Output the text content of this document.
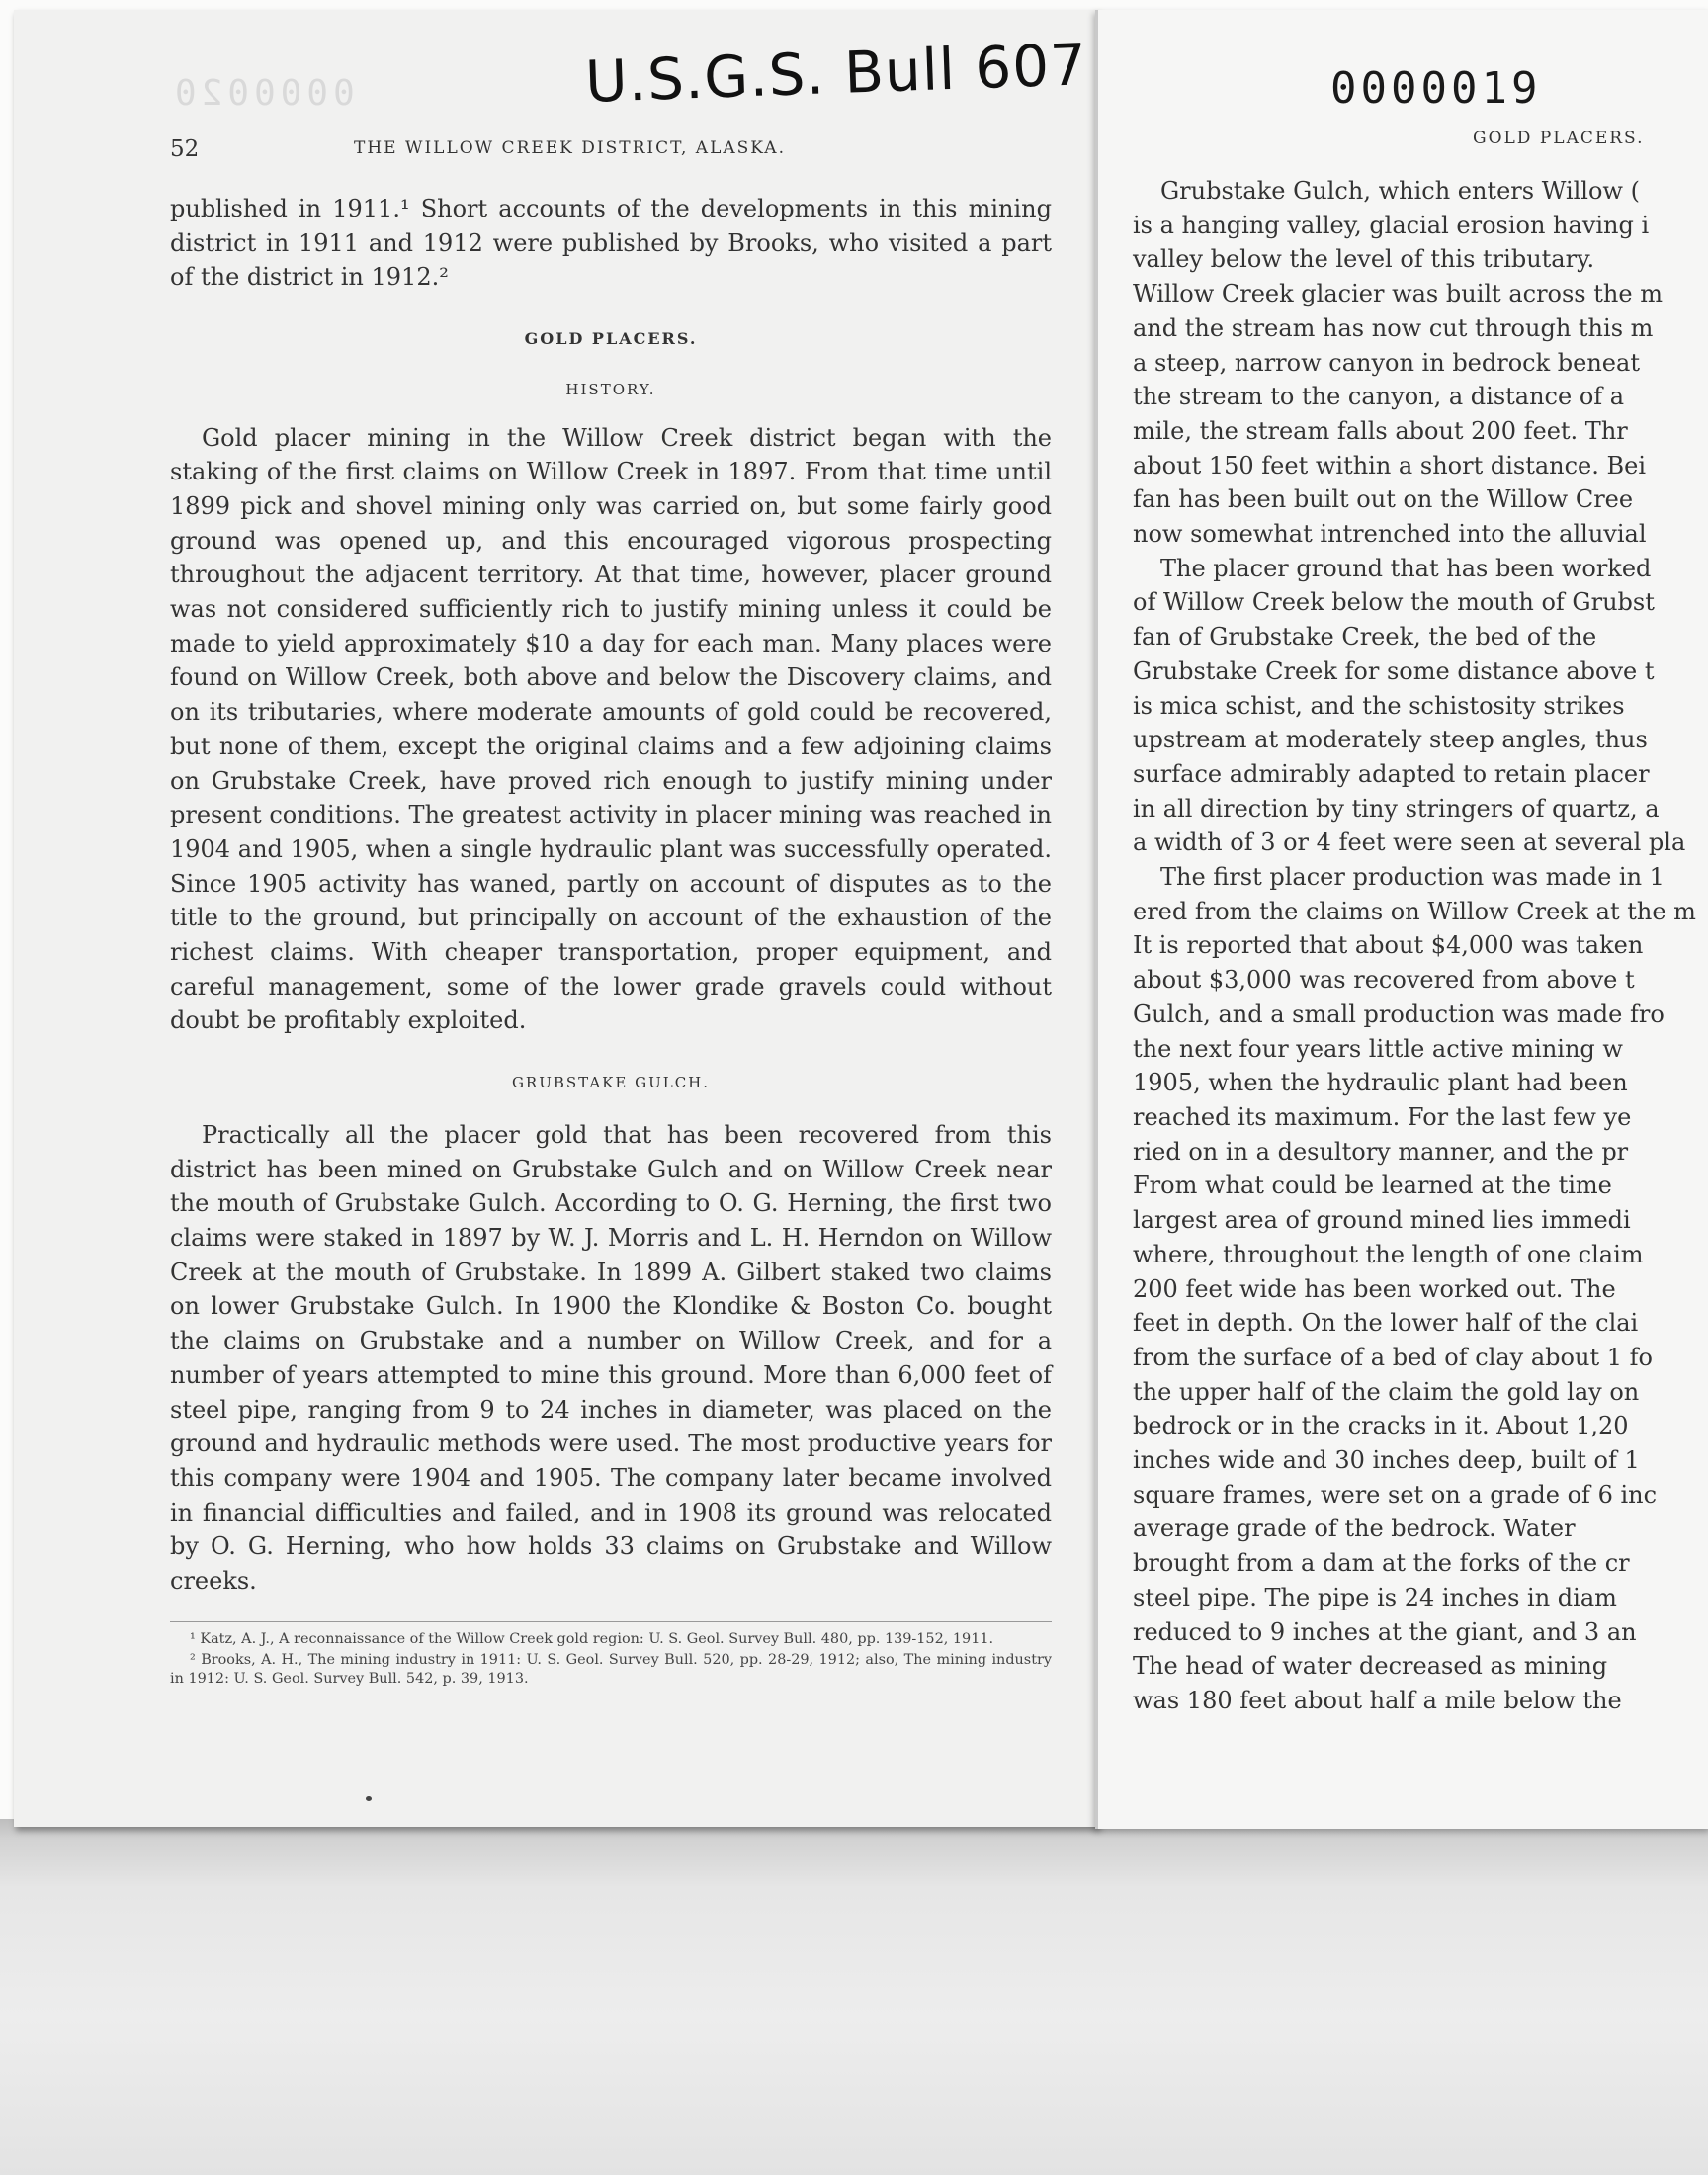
U.S.G.S. Bull 607
0000020	0000019
52	THE WILLOW CREEK DISTRICT, ALASKA.	GOLD PLACERS.

published in 1911.¹ Short accounts of the developments in this mining district in 1911 and 1912 were published by Brooks, who visited a part of the district in 1912.²

GOLD PLACERS.
HISTORY.

Gold placer mining in the Willow Creek district began with the staking of the first claims on Willow Creek in 1897. From that time until 1899 pick and shovel mining only was carried on, but some fairly good ground was opened up, and this encouraged vigorous prospecting throughout the adjacent territory. At that time, however, placer ground was not considered sufficiently rich to justify mining unless it could be made to yield approximately $10 a day for each man. Many places were found on Willow Creek, both above and below the Discovery claims, and on its tributaries, where moderate amounts of gold could be recovered, but none of them, except the original claims and a few adjoining claims on Grubstake Creek, have proved rich enough to justify mining under present conditions. The greatest activity in placer mining was reached in 1904 and 1905, when a single hydraulic plant was successfully operated. Since 1905 activity has waned, partly on account of disputes as to the title to the ground, but principally on account of the exhaustion of the richest claims. With cheaper transportation, proper equipment, and careful management, some of the lower grade gravels could without doubt be profitably exploited.

GRUBSTAKE GULCH.

Practically all the placer gold that has been recovered from this district has been mined on Grubstake Gulch and on Willow Creek near the mouth of Grubstake Gulch. According to O. G. Herning, the first two claims were staked in 1897 by W. J. Morris and L. H. Herndon on Willow Creek at the mouth of Grubstake. In 1899 A. Gilbert staked two claims on lower Grubstake Gulch. In 1900 the Klondike & Boston Co. bought the claims on Grubstake and a number on Willow Creek, and for a number of years attempted to mine this ground. More than 6,000 feet of steel pipe, ranging from 9 to 24 inches in diameter, was placed on the ground and hydraulic methods were used. The most productive years for this company were 1904 and 1905. The company later became involved in financial difficulties and failed, and in 1908 its ground was relocated by O. G. Herning, who how holds 33 claims on Grubstake and Willow creeks.

¹ Katz, A. J., A reconnaissance of the Willow Creek gold region: U. S. Geol. Survey Bull. 480, pp. 139-152, 1911.

² Brooks, A. H., The mining industry in 1911: U. S. Geol. Survey Bull. 520, pp. 28-29, 1912; also, The mining industry in 1912: U. S. Geol. Survey Bull. 542, p. 39, 1913.

Grubstake Gulch, which enters Willow (

is a hanging valley, glacial erosion having i

valley below the level of this tributary.

Willow Creek glacier was built across the m

and the stream has now cut through this m

a steep, narrow canyon in bedrock beneat

the stream to the canyon, a distance of a

mile, the stream falls about 200 feet. Thr

about 150 feet within a short distance. Bei

fan has been built out on the Willow Cree

now somewhat intrenched into the alluvial

The placer ground that has been worked

of Willow Creek below the mouth of Grubst

fan of Grubstake Creek, the bed of the

Grubstake Creek for some distance above t

is mica schist, and the schistosity strikes

upstream at moderately steep angles, thus

surface admirably adapted to retain placer

in all direction by tiny stringers of quartz, a

a width of 3 or 4 feet were seen at several pla

The first placer production was made in 1

ered from the claims on Willow Creek at the m

It is reported that about $4,000 was taken

about $3,000 was recovered from above t

Gulch, and a small production was made fro

the next four years little active mining w

1905, when the hydraulic plant had been

reached its maximum. For the last few ye

ried on in a desultory manner, and the pr

From what could be learned at the time

largest area of ground mined lies immedi

where, throughout the length of one claim

200 feet wide has been worked out. The

feet in depth. On the lower half of the clai

from the surface of a bed of clay about 1 fo

the upper half of the claim the gold lay on

bedrock or in the cracks in it. About 1,20

inches wide and 30 inches deep, built of 1

square frames, were set on a grade of 6 inc

average grade of the bedrock. Water

brought from a dam at the forks of the cr

steel pipe. The pipe is 24 inches in diam

reduced to 9 inches at the giant, and 3 an

The head of water decreased as mining

was 180 feet about half a mile below the
